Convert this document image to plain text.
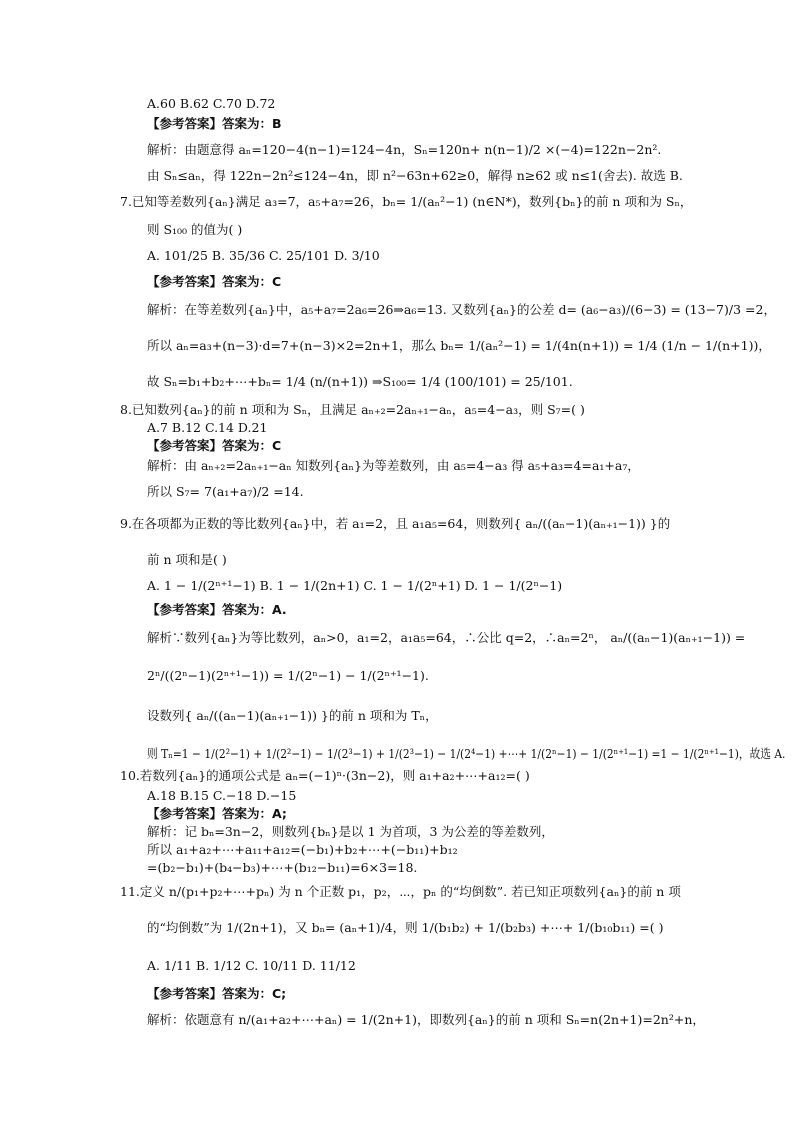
A.60 B.62 C.70 D.72
【参考答案】答案为：B
解析：由题意得 aₙ=120−4(n−1)=124−4n，Sₙ=120n+ n(n−1)/2 ×(−4)=122n−2n².
由 Sₙ≤aₙ，得 122n−2n²≤124−4n，即 n²−63n+62≥0，解得 n≥62 或 n≤1(舍去). 故选 B.
7.已知等差数列{aₙ}满足 a₃=7，a₅+a₇=26，bₙ= 1/(aₙ²−1) (n∈N*)，数列{bₙ}的前 n 项和为 Sₙ，
则 S₁₀₀ 的值为( )
A. 101/25 B. 35/36 C. 25/101 D. 3/10
【参考答案】答案为：C
解析：在等差数列{aₙ}中，a₅+a₇=2a₆=26⇒a₆=13. 又数列{aₙ}的公差 d= (a₆−a₃)/(6−3) = (13−7)/3 =2，
所以 aₙ=a₃+(n−3)·d=7+(n−3)×2=2n+1，那么 bₙ= 1/(aₙ²−1) = 1/(4n(n+1)) = 1/4 (1/n − 1/(n+1))，
故 Sₙ=b₁+b₂+⋯+bₙ= 1/4 (n/(n+1)) ⇒S₁₀₀= 1/4 (100/101) = 25/101.
8.已知数列{aₙ}的前 n 项和为 Sₙ，且满足 aₙ₊₂=2aₙ₊₁−aₙ，a₅=4−a₃，则 S₇=( )
A.7 B.12 C.14 D.21
【参考答案】答案为：C
解析：由 aₙ₊₂=2aₙ₊₁−aₙ 知数列{aₙ}为等差数列，由 a₅=4−a₃ 得 a₅+a₃=4=a₁+a₇，
所以 S₇= 7(a₁+a₇)/2 =14.
9.在各项都为正数的等比数列{aₙ}中，若 a₁=2，且 a₁a₅=64，则数列{ aₙ/((aₙ−1)(aₙ₊₁−1)) }的
前 n 项和是( )
A. 1 − 1/(2ⁿ⁺¹−1) B. 1 − 1/(2n+1) C. 1 − 1/(2ⁿ+1) D. 1 − 1/(2ⁿ−1)
【参考答案】答案为：A.
解析∵数列{aₙ}为等比数列，aₙ>0，a₁=2，a₁a₅=64，∴公比 q=2，∴aₙ=2ⁿ， aₙ/((aₙ−1)(aₙ₊₁−1)) =
2ⁿ/((2ⁿ−1)(2ⁿ⁺¹−1)) = 1/(2ⁿ−1) − 1/(2ⁿ⁺¹−1).
设数列{ aₙ/((aₙ−1)(aₙ₊₁−1)) }的前 n 项和为 Tₙ，
则 Tₙ=1 − 1/(2²−1) + 1/(2²−1) − 1/(2³−1) + 1/(2³−1) − 1/(2⁴−1) +⋯+ 1/(2ⁿ−1) − 1/(2ⁿ⁺¹−1) =1 − 1/(2ⁿ⁺¹−1)，故选 A.
10.若数列{aₙ}的通项公式是 aₙ=(−1)ⁿ·(3n−2)，则 a₁+a₂+⋯+a₁₂=( )
A.18 B.15 C.−18 D.−15
【参考答案】答案为：A;
解析：记 bₙ=3n−2，则数列{bₙ}是以 1 为首项，3 为公差的等差数列，
所以 a₁+a₂+⋯+a₁₁+a₁₂=(−b₁)+b₂+⋯+(−b₁₁)+b₁₂
=(b₂−b₁)+(b₄−b₃)+⋯+(b₁₂−b₁₁)=6×3=18.
11.定义 n/(p₁+p₂+⋯+pₙ) 为 n 个正数 p₁，p₂，⋯，pₙ 的“均倒数”. 若已知正项数列{aₙ}的前 n 项
的“均倒数”为 1/(2n+1)，又 bₙ= (aₙ+1)/4，则 1/(b₁b₂) + 1/(b₂b₃) +⋯+ 1/(b₁₀b₁₁) =( )
A. 1/11 B. 1/12 C. 10/11 D. 11/12
【参考答案】答案为：C;
解析：依题意有 n/(a₁+a₂+⋯+aₙ) = 1/(2n+1)，即数列{aₙ}的前 n 项和 Sₙ=n(2n+1)=2n²+n，
